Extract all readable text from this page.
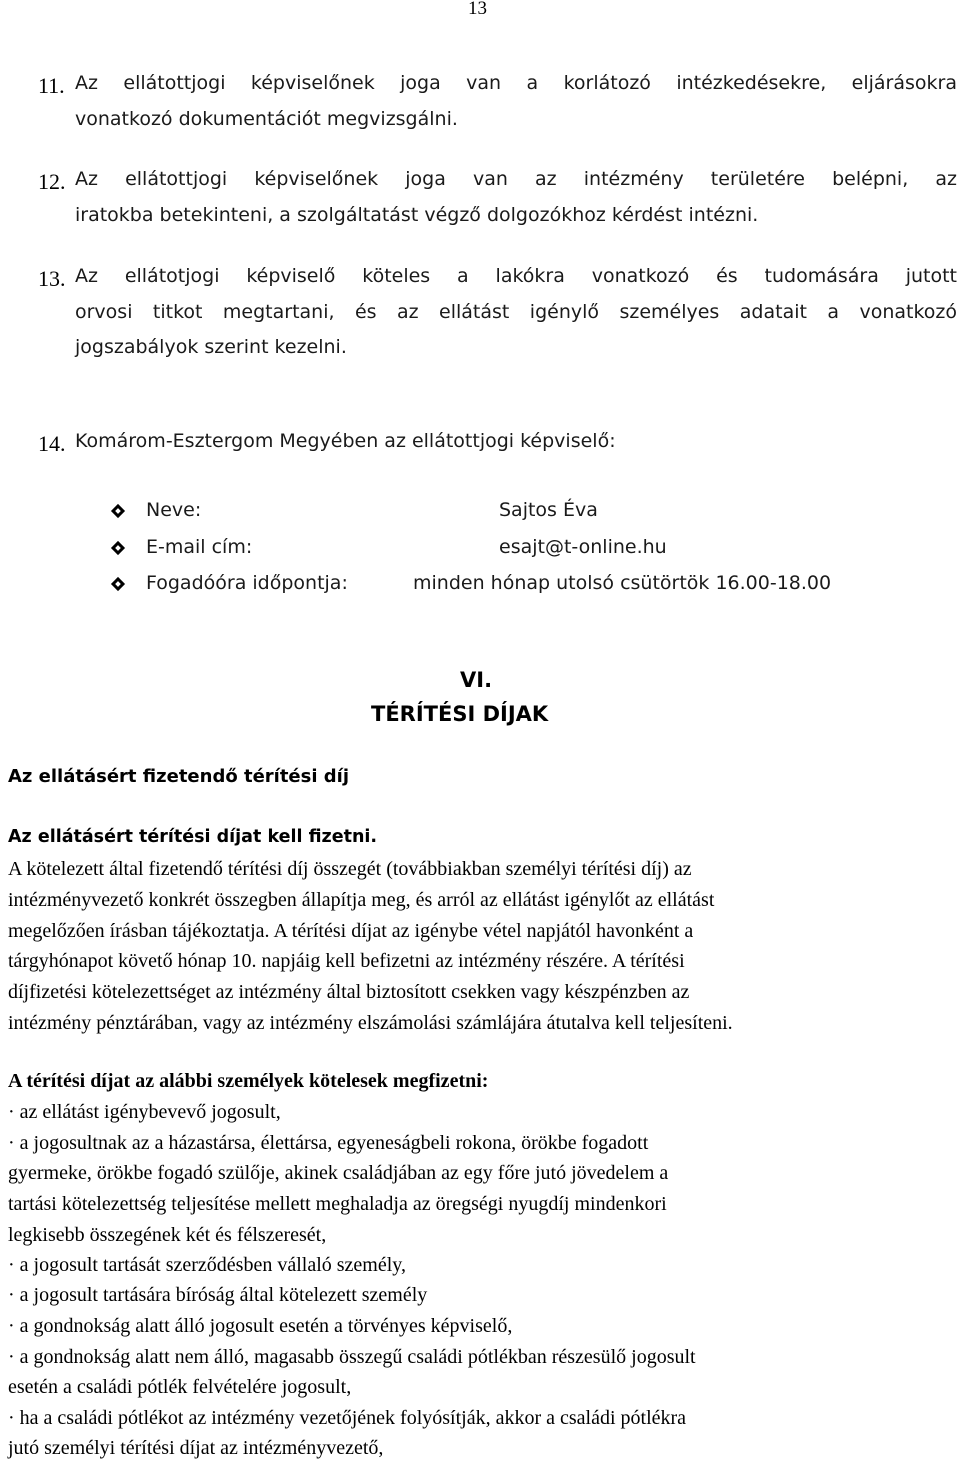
13
11. Az ellátottjogi képviselőnek joga van a korlátozó intézkedésekre, eljárásokra
vonatkozó dokumentációt megvizsgálni.
12. Az ellátottjogi képviselőnek joga van az intézmény területére belépni, az
iratokba betekinteni, a szolgáltatást végző dolgozókhoz kérdést intézni.
13. Az ellátotjogi képviselő köteles a lakókra vonatkozó és tudomására jutott
orvosi titkot megtartani, és az ellátást igénylő személyes adatait a vonatkozó
jogszabályok szerint kezelni.
14. Komárom-Esztergom Megyében az ellátottjogi képviselő:
Neve:	Sajtos Éva
E-mail cím:	esajt@t-online.hu
Fogadóóra időpontja:	minden hónap utolsó csütörtök 16.00-18.00
VI.
TÉRÍTÉSI DÍJAK
Az ellátásért fizetendő térítési díj
Az ellátásért térítési díjat kell fizetni.
A kötelezett által fizetendő térítési díj összegét (továbbiakban személyi térítési díj) az
intézményvezető konkrét összegben állapítja meg, és arról az ellátást igénylőt az ellátást
megelőzően írásban tájékoztatja. A térítési díjat az igénybe vétel napjától havonként a
tárgyhónapot követő hónap 10. napjáig kell befizetni az intézmény részére. A térítési
díjfizetési kötelezettséget az intézmény által biztosított csekken vagy készpénzben az
intézmény pénztárában, vagy az intézmény elszámolási számlájára átutalva kell teljesíteni.
A térítési díjat az alábbi személyek kötelesek megfizetni:
· az ellátást igénybevevő jogosult,
· a jogosultnak az a házastársa, élettársa, egyeneságbeli rokona, örökbe fogadott
gyermeke, örökbe fogadó szülője, akinek családjában az egy főre jutó jövedelem a
tartási kötelezettség teljesítése mellett meghaladja az öregségi nyugdíj mindenkori
legkisebb összegének két és félszeresét,
· a jogosult tartását szerződésben vállaló személy,
· a jogosult tartására bíróság által kötelezett személy
· a gondnokság alatt álló jogosult esetén a törvényes képviselő,
· a gondnokság alatt nem álló, magasabb összegű családi pótlékban részesülő jogosult
esetén a családi pótlék felvételére jogosult,
· ha a családi pótlékot az intézmény vezetőjének folyósítják, akkor a családi pótlékra
jutó személyi térítési díjat az intézményvezető,
